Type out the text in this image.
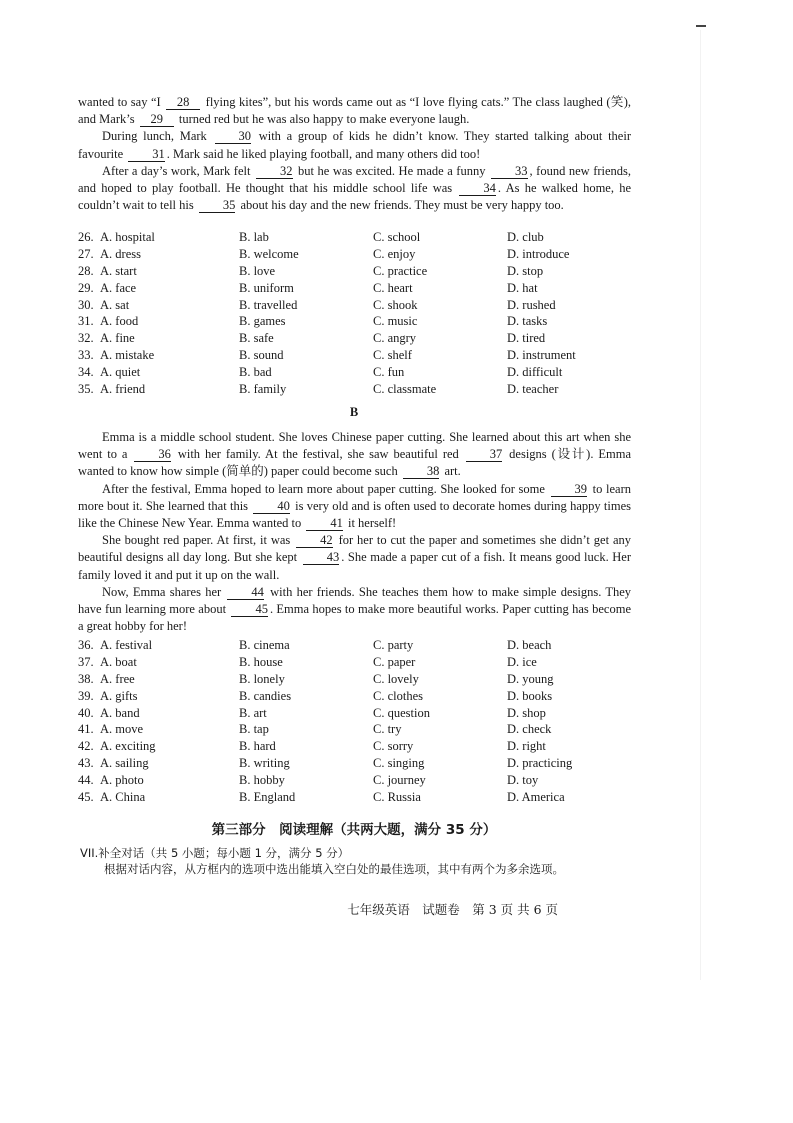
wanted to say “I 28 flying kites”, but his words came out as “I love flying cats.” The class laughed (笑), and Mark’s 29 turned red but he was also happy to make everyone laugh.

During lunch, Mark	30 with a group of kids he didn’t know. They started talking about their favourite 31 . Mark said he liked playing football, and many others did too!

After a day’s work, Mark felt 32 but he was excited. He made a funny 33 , found new friends, and hoped to play football. He thought that his middle school life was 34 . As he walked home, he couldn’t wait to tell his 35 about his day and the new friends. They must be very happy too.

26. A. hospital	B. lab	C. school	D. club
27. A. dress	B. welcome	C. enjoy	D. introduce
28. A. start	B. love	C. practice	D. stop
29. A. face	B. uniform	C. heart	D. hat
30. A. sat	B. travelled	C. shook	D. rushed
31. A. food	B. games	C. music	D. tasks
32. A. fine	B. safe	C. angry	D. tired
33. A. mistake	B. sound	C. shelf	D. instrument
34. A. quiet	B. bad	C. fun	D. difficult
35. A. friend	B. family	C. classmate	D. teacher
B

Emma is a middle school student. She loves Chinese paper cutting. She learned about this art when she went to a 36 with her family. At the festival, she saw beautiful red 37 designs (设计). Emma wanted to know how simple (简单的) paper could become such 38 art.

After the festival, Emma hoped to learn more about paper cutting. She looked for some 39 to learn more bout it. She learned that this 40 is very old and is often used to decorate homes during happy times like the Chinese New Year. Emma wanted to 41 it herself!

She bought red paper. At first, it was 42 for her to cut the paper and sometimes she didn’t get any beautiful designs all day long. But she kept 43 . She made a paper cut of a fish. It means good luck. Her family loved it and put it up on the wall.

Now, Emma shares her 44 with her friends. She teaches them how to make simple designs. They have fun learning more about 45 . Emma hopes to make more beautiful works. Paper cutting has become a great hobby for her!

36. A. festival	B. cinema	C. party	D. beach
37. A. boat	B. house	C. paper	D. ice
38. A. free	B. lonely	C. lovely	D. young
39. A. gifts	B. candies	C. clothes	D. books
40. A. band	B. art	C. question	D. shop
41. A. move	B. tap	C. try	D. check
42. A. exciting	B. hard	C. sorry	D. right
43. A. sailing	B. writing	C. singing	D. practicing
44. A. photo	B. hobby	C. journey	D. toy
45. A. China	B. England	C. Russia	D. America
第三部分　阅读理解（共两大题，满分 35 分）
VII.补全对话（共 5 小题；每小题 1 分，满分 5 分）
根据对话内容，从方框内的选项中选出能填入空白处的最佳选项，其中有两个为多余选项。
七年级英语　试题卷　第 3 页 共 6 页
